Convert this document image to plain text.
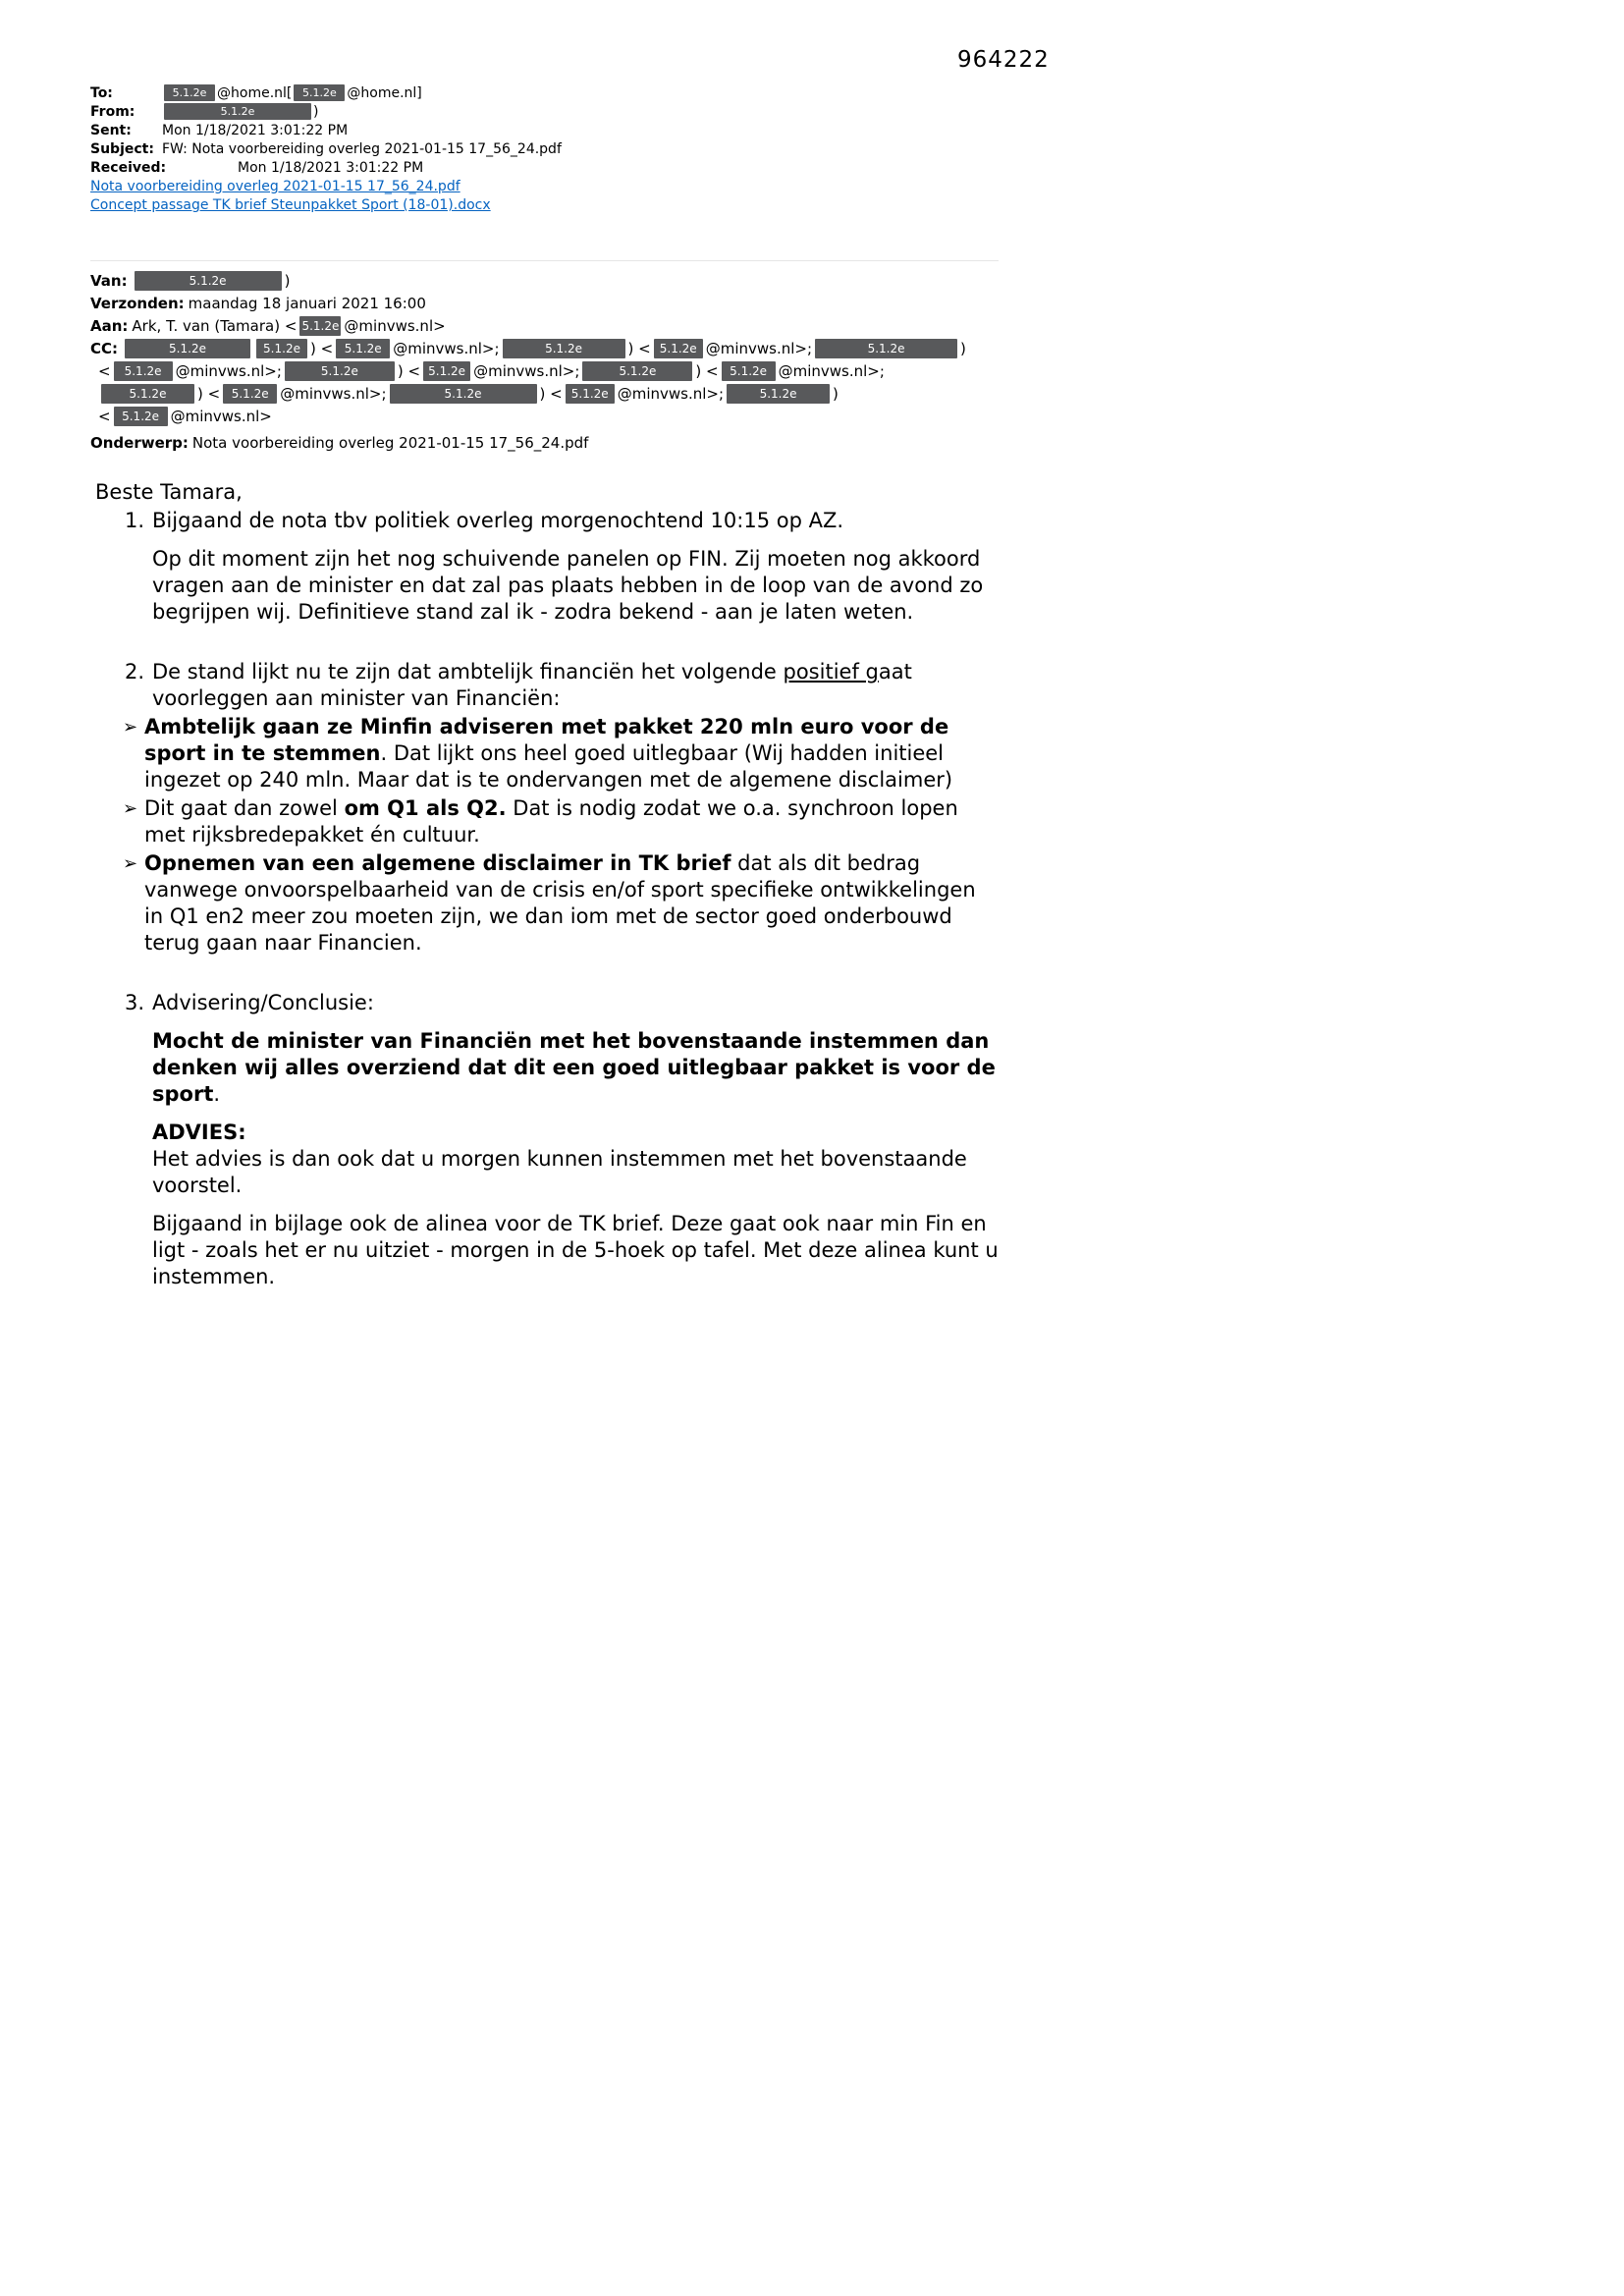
964222
To:	5.1.2e @home.nl[ 5.1.2e @home.nl]
From:	5.1.2e	)
Sent:	Mon 1/18/2021 3:01:22 PM
Subject: FW: Nota voorbereiding overleg 2021-01-15 17_56_24.pdf
Received:	Mon 1/18/2021 3:01:22 PM
Nota voorbereiding overleg 2021-01-15 17_56_24.pdf
Concept passage TK brief Steunpakket Sport (18-01).docx
Van:	5.1.2e	)
Verzonden: maandag 18 januari 2021 16:00
Aan: Ark, T. van (Tamara) < 5.1.2e @minvws.nl>
CC:	5.1.2e	5.1.2e ) < 5.1.2e @minvws.nl>;	5.1.2e	) < 5.1.2e @minvws.nl>;	5.1.2e	)
< 5.1.2e @minvws.nl>;	5.1.2e	) < 5.1.2e @minvws.nl>;	5.1.2e	) < 5.1.2e @minvws.nl>;
5.1.2e ) < 5.1.2e @minvws.nl>;	5.1.2e	) < 5.1.2e @minvws.nl>;	5.1.2e )
< 5.1.2e @minvws.nl>
Onderwerp: Nota voorbereiding overleg 2021-01-15 17_56_24.pdf
Beste Tamara,
1. Bijgaand de nota tbv politiek overleg morgenochtend 10:15 op AZ.
Op dit moment zijn het nog schuivende panelen op FIN. Zij moeten nog akkoord vragen aan de minister en dat zal pas plaats hebben in de loop van de avond zo begrijpen wij. Definitieve stand zal ik - zodra bekend - aan je laten weten.
2. De stand lijkt nu te zijn dat ambtelijk financiën het volgende positief gaat voorleggen aan minister van Financiën:
➢ Ambtelijk gaan ze Minfin adviseren met pakket 220 mln euro voor de sport in te stemmen. Dat lijkt ons heel goed uitlegbaar (Wij hadden initieel ingezet op 240 mln. Maar dat is te ondervangen met de algemene disclaimer)
➢ Dit gaat dan zowel om Q1 als Q2. Dat is nodig zodat we o.a. synchroon lopen met rijksbredepakket én cultuur.
➢ Opnemen van een algemene disclaimer in TK brief dat als dit bedrag vanwege onvoorspelbaarheid van de crisis en/of sport specifieke ontwikkelingen in Q1 en2 meer zou moeten zijn, we dan iom met de sector goed onderbouwd terug gaan naar Financien.
3. Advisering/Conclusie:
Mocht de minister van Financiën met het bovenstaande instemmen dan denken wij alles overziend dat dit een goed uitlegbaar pakket is voor de sport.
ADVIES:
Het advies is dan ook dat u morgen kunnen instemmen met het bovenstaande voorstel.
Bijgaand in bijlage ook de alinea voor de TK brief. Deze gaat ook naar min Fin en ligt - zoals het er nu uitziet - morgen in de 5-hoek op tafel. Met deze alinea kunt u instemmen.
